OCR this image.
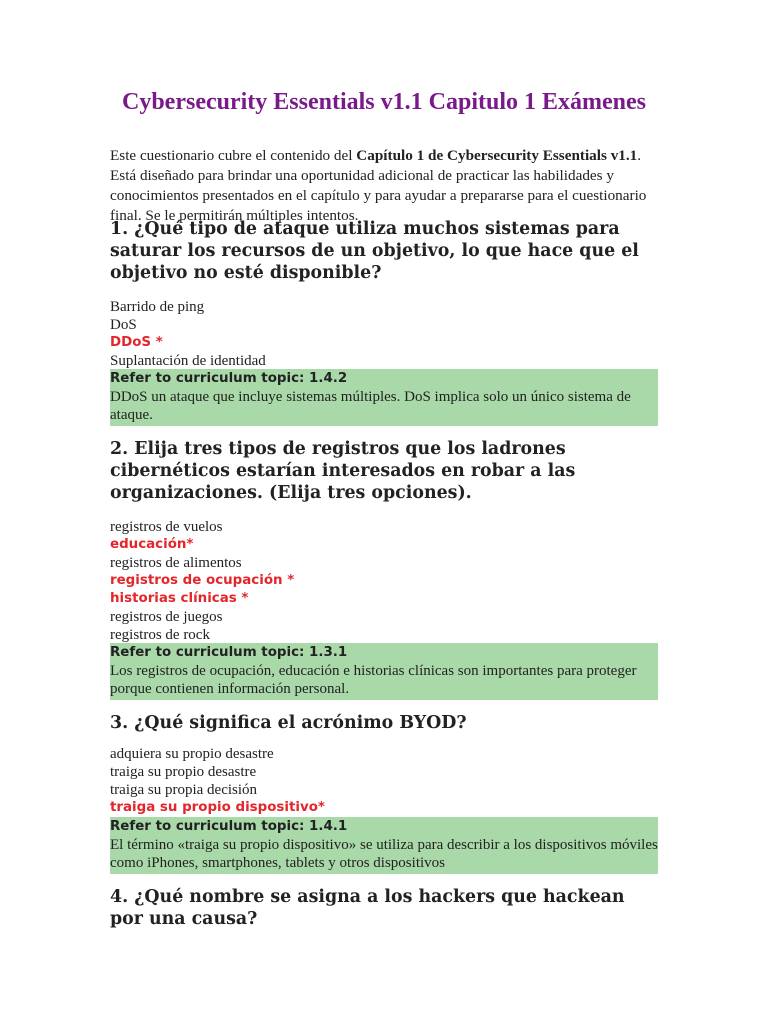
Cybersecurity Essentials v1.1 Capitulo 1 Exámenes
Este cuestionario cubre el contenido del Capítulo 1 de Cybersecurity Essentials v1.1. Está diseñado para brindar una oportunidad adicional de practicar las habilidades y conocimientos presentados en el capítulo y para ayudar a prepararse para el cuestionario final. Se le permitirán múltiples intentos.
1. ¿Qué tipo de ataque utiliza muchos sistemas para saturar los recursos de un objetivo, lo que hace que el objetivo no esté disponible?
Barrido de ping
DoS
DDoS *
Suplantación de identidad
Refer to curriculum topic: 1.4.2
DDoS un ataque que incluye sistemas múltiples. DoS implica solo un único sistema de ataque.
2. Elija tres tipos de registros que los ladrones cibernéticos estarían interesados en robar a las organizaciones. (Elija tres opciones).
registros de vuelos
educación*
registros de alimentos
registros de ocupación *
historias clínicas *
registros de juegos
registros de rock
Refer to curriculum topic: 1.3.1
Los registros de ocupación, educación e historias clínicas son importantes para proteger porque contienen información personal.
3. ¿Qué significa el acrónimo BYOD?
adquiera su propio desastre
traiga su propio desastre
traiga su propia decisión
traiga su propio dispositivo*
Refer to curriculum topic: 1.4.1
El término «traiga su propio dispositivo» se utiliza para describir a los dispositivos móviles como iPhones, smartphones, tablets y otros dispositivos
4. ¿Qué nombre se asigna a los hackers que hackean por una causa?
